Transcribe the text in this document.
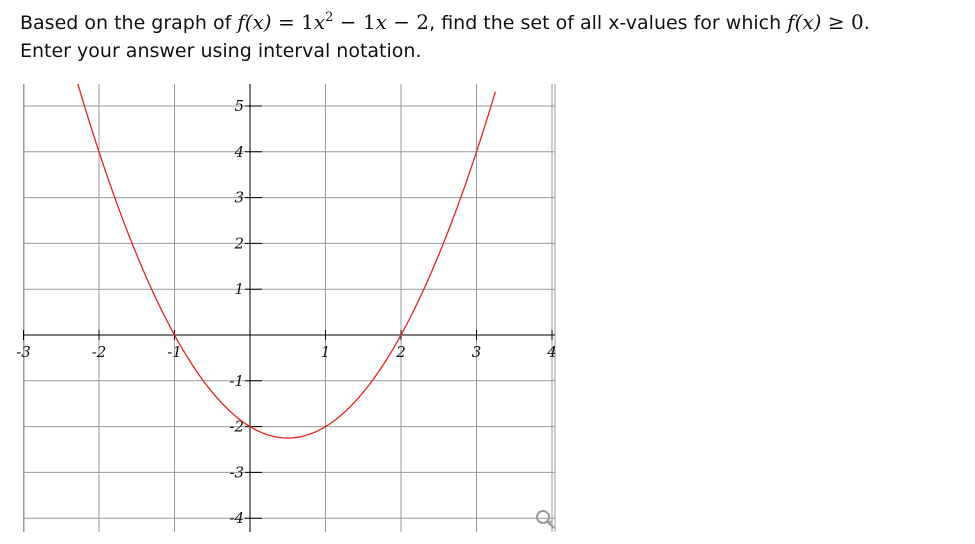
Based on the graph of $f(x) = 1x^2 - 1x - 2$, find the set of all x-values for which f(x) ≥ 0.
Enter your answer using interval notation.
-3	-2	-1	1	2	3	4
5
4
3
2
1
-1
-2
-3
-4
